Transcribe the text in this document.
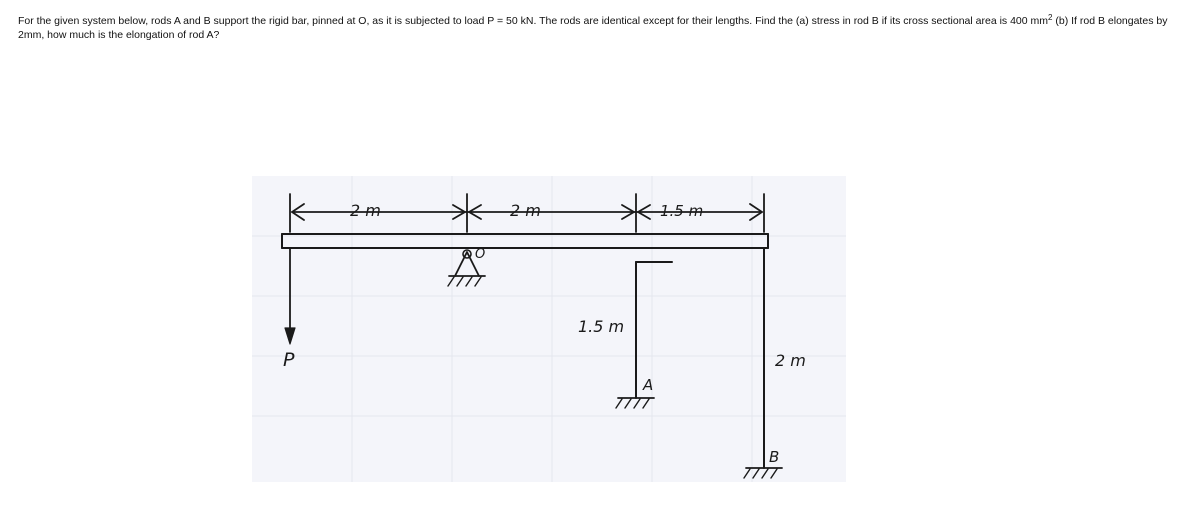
For the given system below, rods A and B support the rigid bar, pinned at O, as it is subjected to load P = 50 kN. The rods are identical except for their lengths. Find the (a) stress in rod B if its cross sectional area is 400 $mm^2$ (b) If rod B elongates by 2mm, how much is the elongation of rod A?
2 m	2 m	1.5 m
O
P
1.5 m
A
2 m
B
